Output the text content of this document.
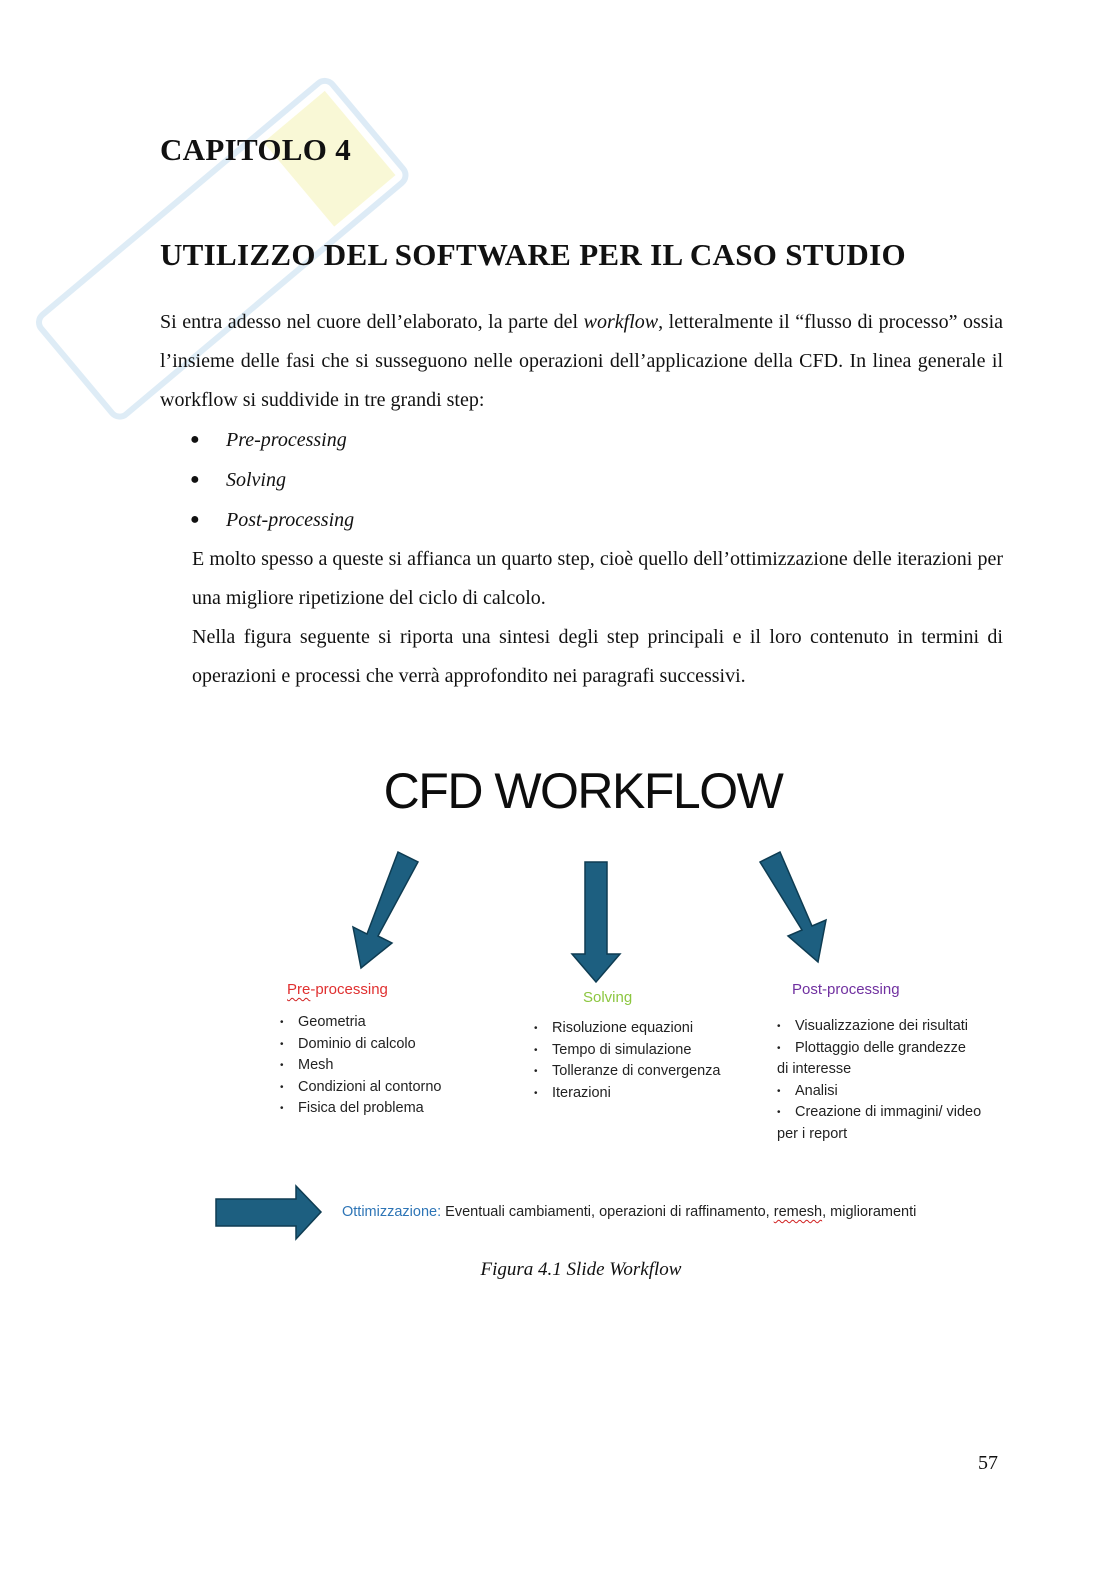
CAPITOLO 4
UTILIZZO DEL SOFTWARE PER IL CASO STUDIO

Si entra adesso nel cuore dell’elaborato, la parte del workflow, letteralmente il “flusso di processo” ossia l’insieme delle fasi che si susseguono nelle operazioni dell’applicazione della CFD. In linea generale il workflow si suddivide in tre grandi step:

● Pre-processing
● Solving
● Post-processing

E molto spesso a queste si affianca un quarto step, cioè quello dell’ottimizzazione delle iterazioni per una migliore ripetizione del ciclo di calcolo.

Nella figura seguente si riporta una sintesi degli step principali e il loro contenuto in termini di operazioni e processi che verrà approfondito nei paragrafi successivi.

CFD WORKFLOW
Pre-processing
• Geometria
• Dominio di calcolo
• Mesh
• Condizioni al contorno
• Fisica del problema
Solving
• Risoluzione equazioni
• Tempo di simulazione
• Tolleranze di convergenza
• Iterazioni
Post-processing
• Visualizzazione dei risultati
• Plottaggio delle grandezze
di interesse
• Analisi
• Creazione di immagini/ video
per i report
Ottimizzazione: Eventuali cambiamenti, operazioni di raffinamento, remesh, miglioramenti
Figura 4.1 Slide Workflow
57
